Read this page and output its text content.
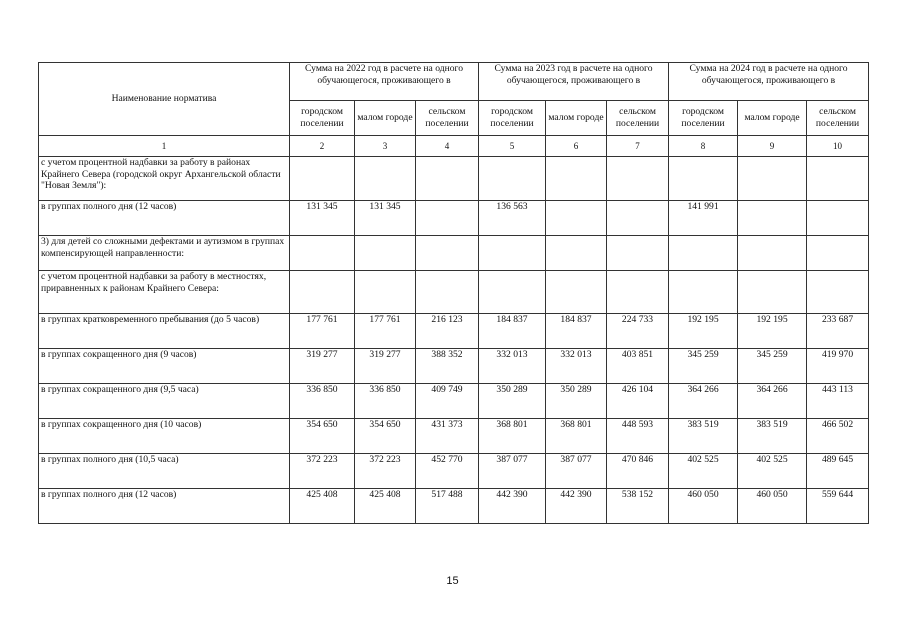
Наименование норматива	Сумма на 2022 год в расчете на одного обучающегося, проживающего в			Сумма на 2023 год в расчете на одного обучающегося, проживающего в			Сумма на 2024 год в расчете на одного обучающегося, проживающего в		
	городском поселении	малом городе	сельском поселении	городском поселении	малом городе	сельском поселении	городском поселении	малом городе	сельском поселении
1	2	3	4	5	6	7	8	9	10
с учетом процентной надбавки за работу в районах Крайнего Севера (городской округ Архангельской области "Новая Земля"):									
в группах полного дня (12 часов)	131 345	131 345		136 563			141 991		
3) для детей со сложными дефектами и аутизмом в группах компенсирующей направленности:									
с учетом процентной надбавки за работу в местностях, приравненных к районам Крайнего Севера:									
в группах кратковременного пребывания (до 5 часов)	177 761	177 761	216 123	184 837	184 837	224 733	192 195	192 195	233 687
в группах сокращенного дня (9 часов)	319 277	319 277	388 352	332 013	332 013	403 851	345 259	345 259	419 970
в группах сокращенного дня (9,5 часа)	336 850	336 850	409 749	350 289	350 289	426 104	364 266	364 266	443 113
в группах сокращенного дня (10 часов)	354 650	354 650	431 373	368 801	368 801	448 593	383 519	383 519	466 502
в группах полного дня (10,5 часа)	372 223	372 223	452 770	387 077	387 077	470 846	402 525	402 525	489 645
в группах полного дня (12 часов)	425 408	425 408	517 488	442 390	442 390	538 152	460 050	460 050	559 644
15
